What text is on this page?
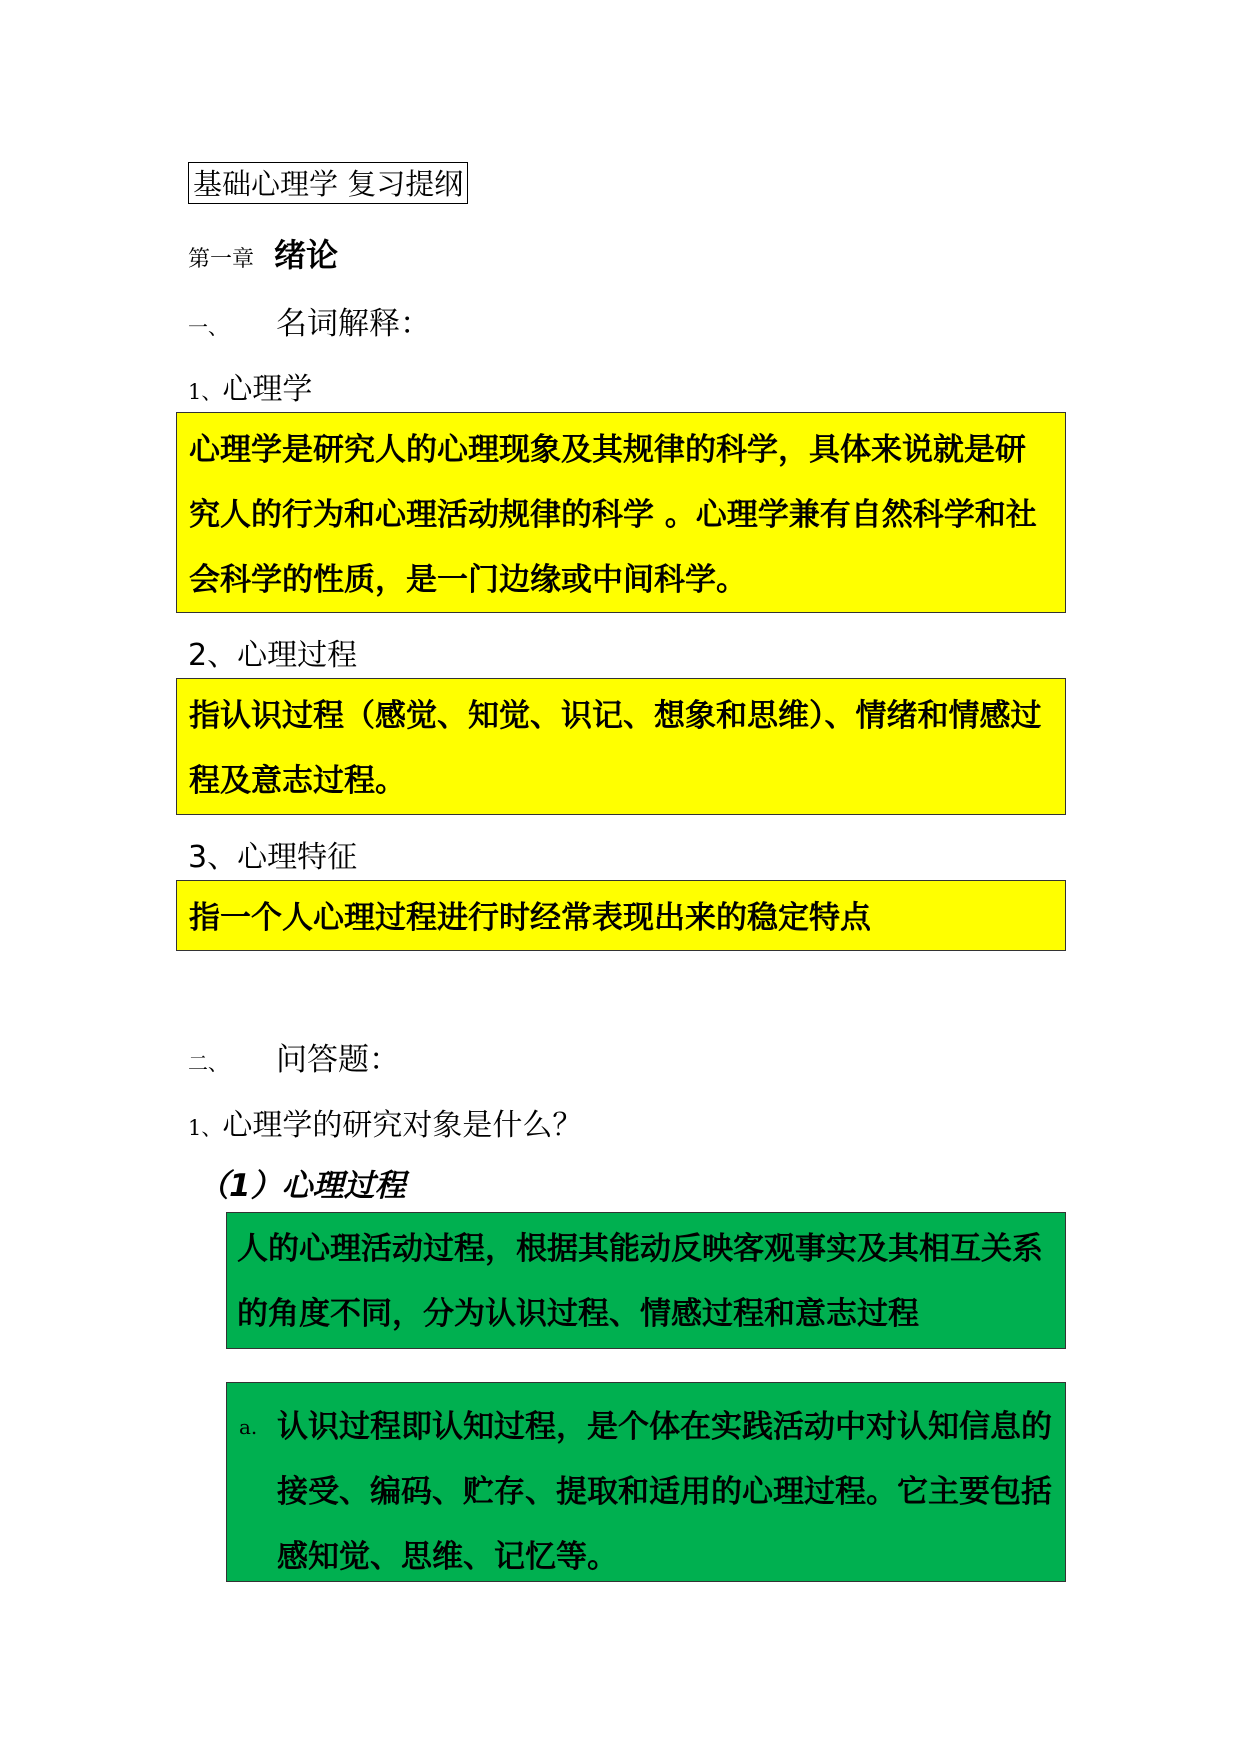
基础心理学 复习提纲
第一章 绪论
一、 名词解释：
1、心理学
心理学是研究人的心理现象及其规律的科学，具体来说就是研究人的行为和心理活动规律的科学 。心理学兼有自然科学和社会科学的性质，是一门边缘或中间科学。
2、心理过程
指认识过程（感觉、知觉、识记、想象和思维）、情绪和情感过程及意志过程。
3、心理特征
指一个人心理过程进行时经常表现出来的稳定特点
二、 问答题：
1、心理学的研究对象是什么？
（1）心理过程
人的心理活动过程，根据其能动反映客观事实及其相互关系的角度不同，分为认识过程、情感过程和意志过程
a. 认识过程即认知过程，是个体在实践活动中对认知信息的接受、编码、贮存、提取和适用的心理过程。它主要包括感知觉、思维、记忆等。
